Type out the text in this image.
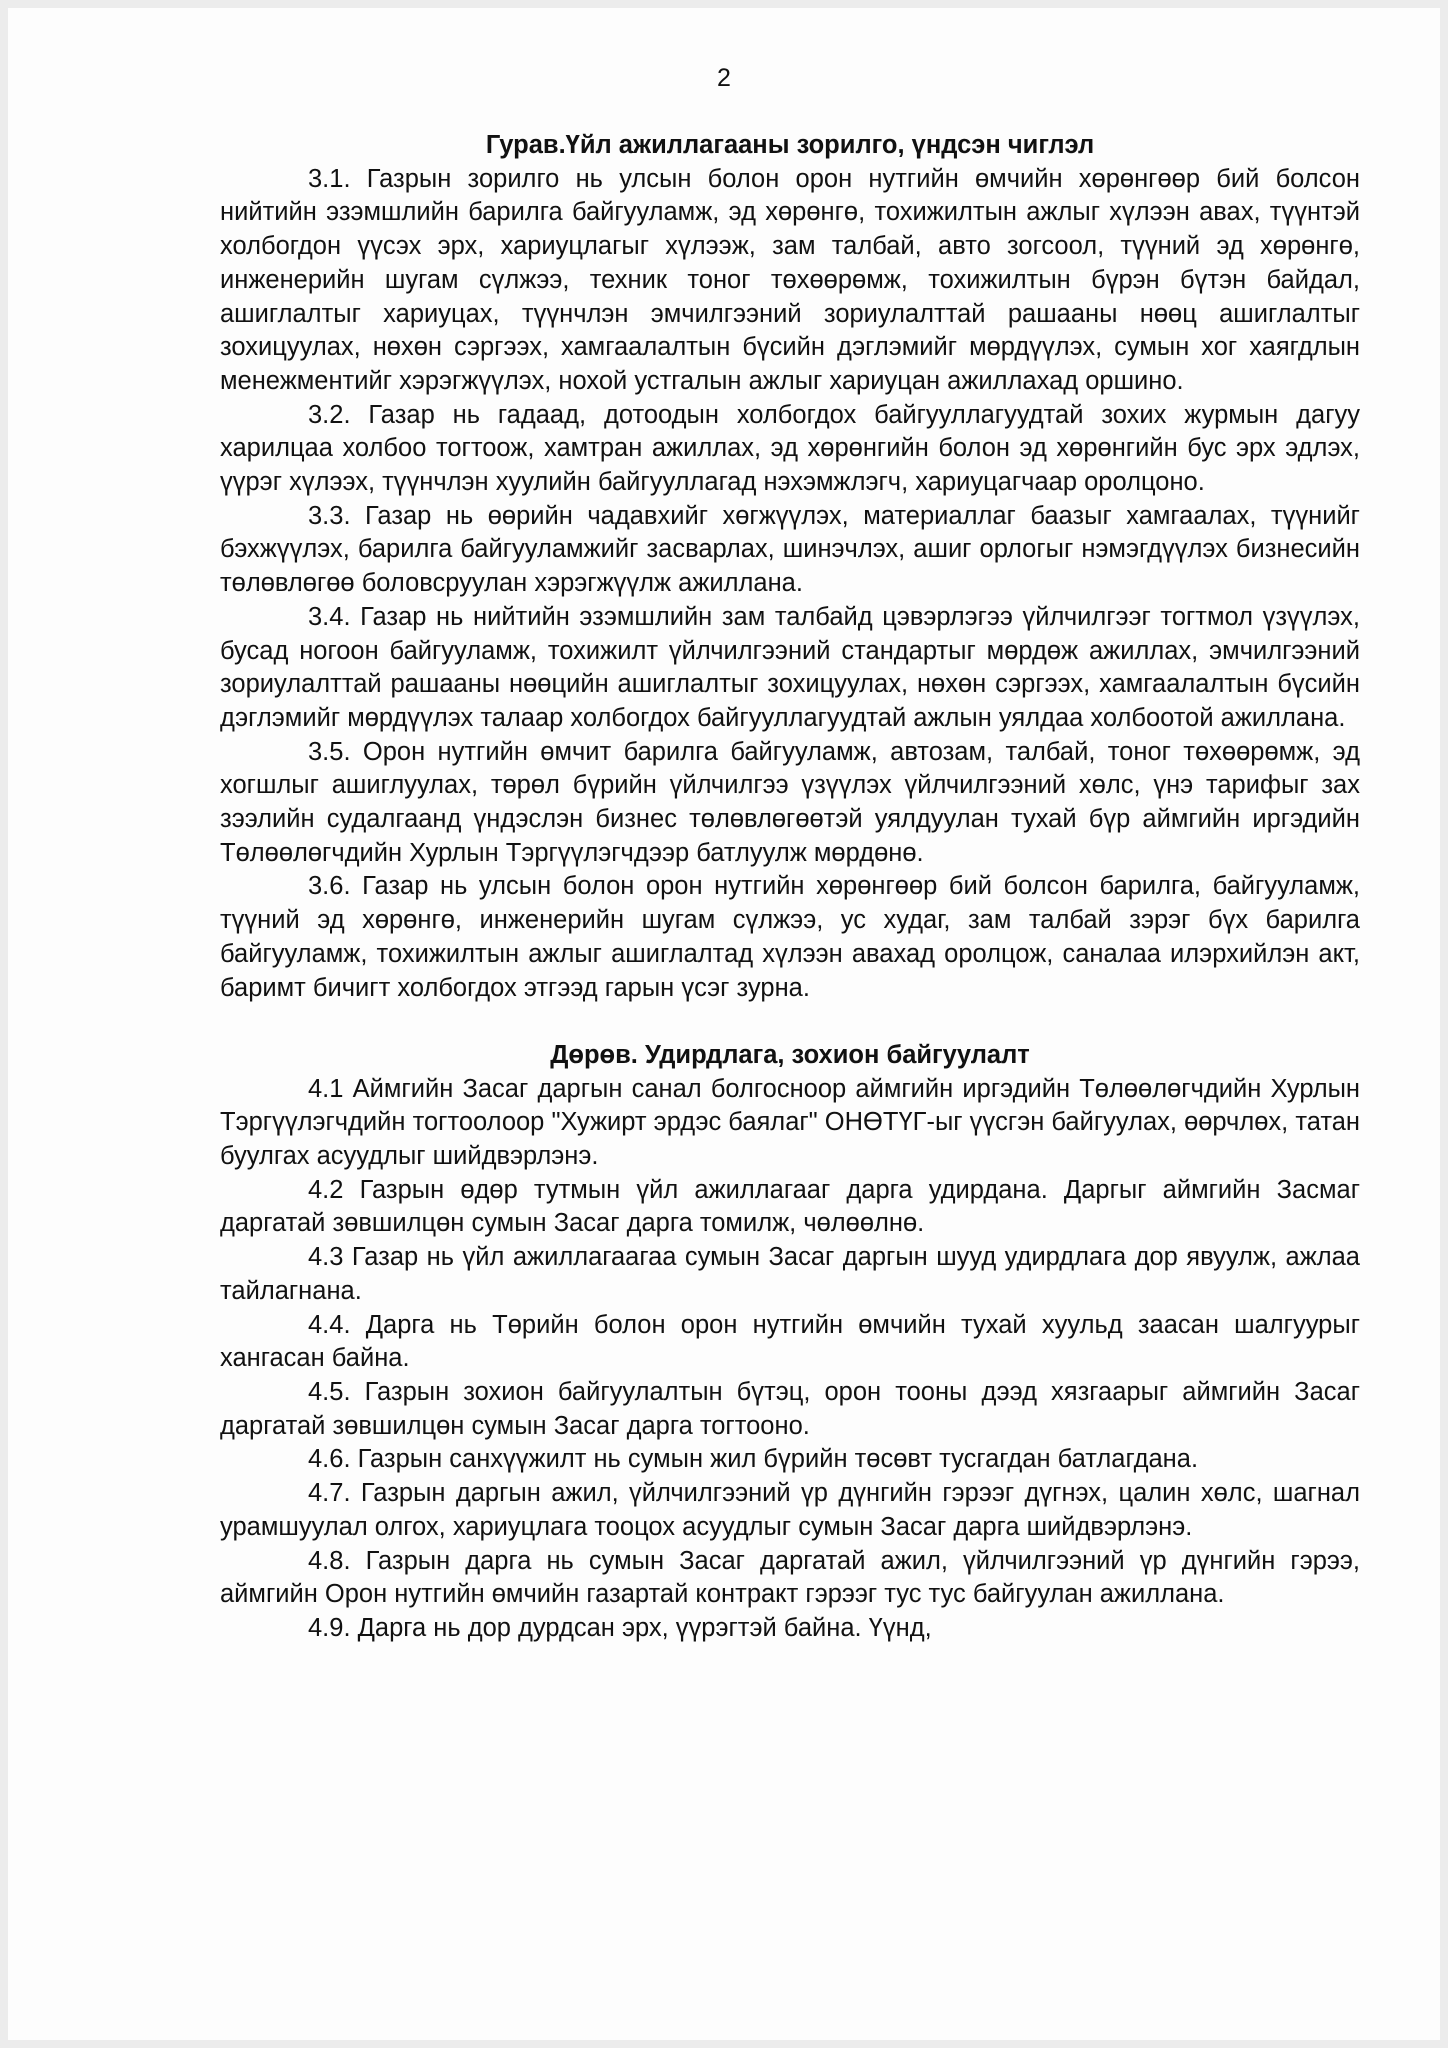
2
Гурав.Үйл ажиллагааны зорилго, үндсэн чиглэл

3.1. Газрын зорилго нь улсын болон орон нутгийн өмчийн хөрөнгөөр бий болсон нийтийн эзэмшлийн барилга байгууламж, эд хөрөнгө, тохижилтын ажлыг хүлээн авах, түүнтэй холбогдон үүсэх эрх, хариуцлагыг хүлээж, зам талбай, авто зогсоол, түүний эд хөрөнгө, инженерийн шугам сүлжээ, техник тоног төхөөрөмж, тохижилтын бүрэн бүтэн байдал, ашиглалтыг хариуцах, түүнчлэн эмчилгээний зориулалттай рашааны нөөц ашиглалтыг зохицуулах, нөхөн сэргээх, хамгаалалтын бүсийн дэглэмийг мөрдүүлэх, сумын хог хаягдлын менежментийг хэрэгжүүлэх, нохой устгалын ажлыг хариуцан ажиллахад оршино.

3.2. Газар нь гадаад, дотоодын холбогдох байгууллагуудтай зохих журмын дагуу харилцаа холбоо тогтоож, хамтран ажиллах, эд хөрөнгийн болон эд хөрөнгийн бус эрх эдлэх, үүрэг хүлээх, түүнчлэн хуулийн байгууллагад нэхэмжлэгч, хариуцагчаар оролцоно.

3.3. Газар нь өөрийн чадавхийг хөгжүүлэх, материаллаг баазыг хамгаалах, түүнийг бэхжүүлэх, барилга байгууламжийг засварлах, шинэчлэх, ашиг орлогыг нэмэгдүүлэх бизнесийн төлөвлөгөө боловсруулан хэрэгжүүлж ажиллана.

3.4. Газар нь нийтийн эзэмшлийн зам талбайд цэвэрлэгээ үйлчилгээг тогтмол үзүүлэх, бусад ногоон байгууламж, тохижилт үйлчилгээний стандартыг мөрдөж ажиллах, эмчилгээний зориулалттай рашааны нөөцийн ашиглалтыг зохицуулах, нөхөн сэргээх, хамгаалалтын бүсийн дэглэмийг мөрдүүлэх талаар холбогдох байгууллагуудтай ажлын уялдаа холбоотой ажиллана.

3.5. Орон нутгийн өмчит барилга байгууламж, автозам, талбай, тоног төхөөрөмж, эд хогшлыг ашиглуулах, төрөл бүрийн үйлчилгээ үзүүлэх үйлчилгээний хөлс, үнэ тарифыг зах зээлийн судалгаанд үндэслэн бизнес төлөвлөгөөтэй уялдуулан тухай бүр аймгийн иргэдийн Төлөөлөгчдийн Хурлын Тэргүүлэгчдээр батлуулж мөрдөнө.

3.6. Газар нь улсын болон орон нутгийн хөрөнгөөр бий болсон барилга, байгууламж, түүний эд хөрөнгө, инженерийн шугам сүлжээ, ус худаг, зам талбай зэрэг бүх барилга байгууламж, тохижилтын ажлыг ашиглалтад хүлээн авахад оролцож, саналаа илэрхийлэн акт, баримт бичигт холбогдох этгээд гарын үсэг зурна.

Дөрөв. Удирдлага, зохион байгуулалт

4.1 Аймгийн Засаг даргын санал болгосноор аймгийн иргэдийн Төлөөлөгчдийн Хурлын Тэргүүлэгчдийн тогтоолоор "Хужирт эрдэс баялаг" ОНӨТҮГ-ыг үүсгэн байгуулах, өөрчлөх, татан буулгах асуудлыг шийдвэрлэнэ.

4.2 Газрын өдөр тутмын үйл ажиллагааг дарга удирдана. Даргыг аймгийн Засмаг даргатай зөвшилцөн сумын Засаг дарга томилж, чөлөөлнө.

4.3 Газар нь үйл ажиллагаагаа сумын Засаг даргын шууд удирдлага дор явуулж, ажлаа тайлагнана.

4.4. Дарга нь Төрийн болон орон нутгийн өмчийн тухай хуульд заасан шалгуурыг хангасан байна.

4.5. Газрын зохион байгуулалтын бүтэц, орон тооны дээд хязгаарыг аймгийн Засаг даргатай зөвшилцөн сумын Засаг дарга тогтооно.

4.6. Газрын санхүүжилт нь сумын жил бүрийн төсөвт тусгагдан батлагдана.

4.7. Газрын даргын ажил, үйлчилгээний үр дүнгийн гэрээг дүгнэх, цалин хөлс, шагнал урамшуулал олгох, хариуцлага тооцох асуудлыг сумын Засаг дарга шийдвэрлэнэ.

4.8. Газрын дарга нь сумын Засаг даргатай ажил, үйлчилгээний үр дүнгийн гэрээ, аймгийн Орон нутгийн өмчийн газартай контракт гэрээг тус тус байгуулан ажиллана.

4.9. Дарга нь дор дурдсан эрх, үүрэгтэй байна. Үүнд,
